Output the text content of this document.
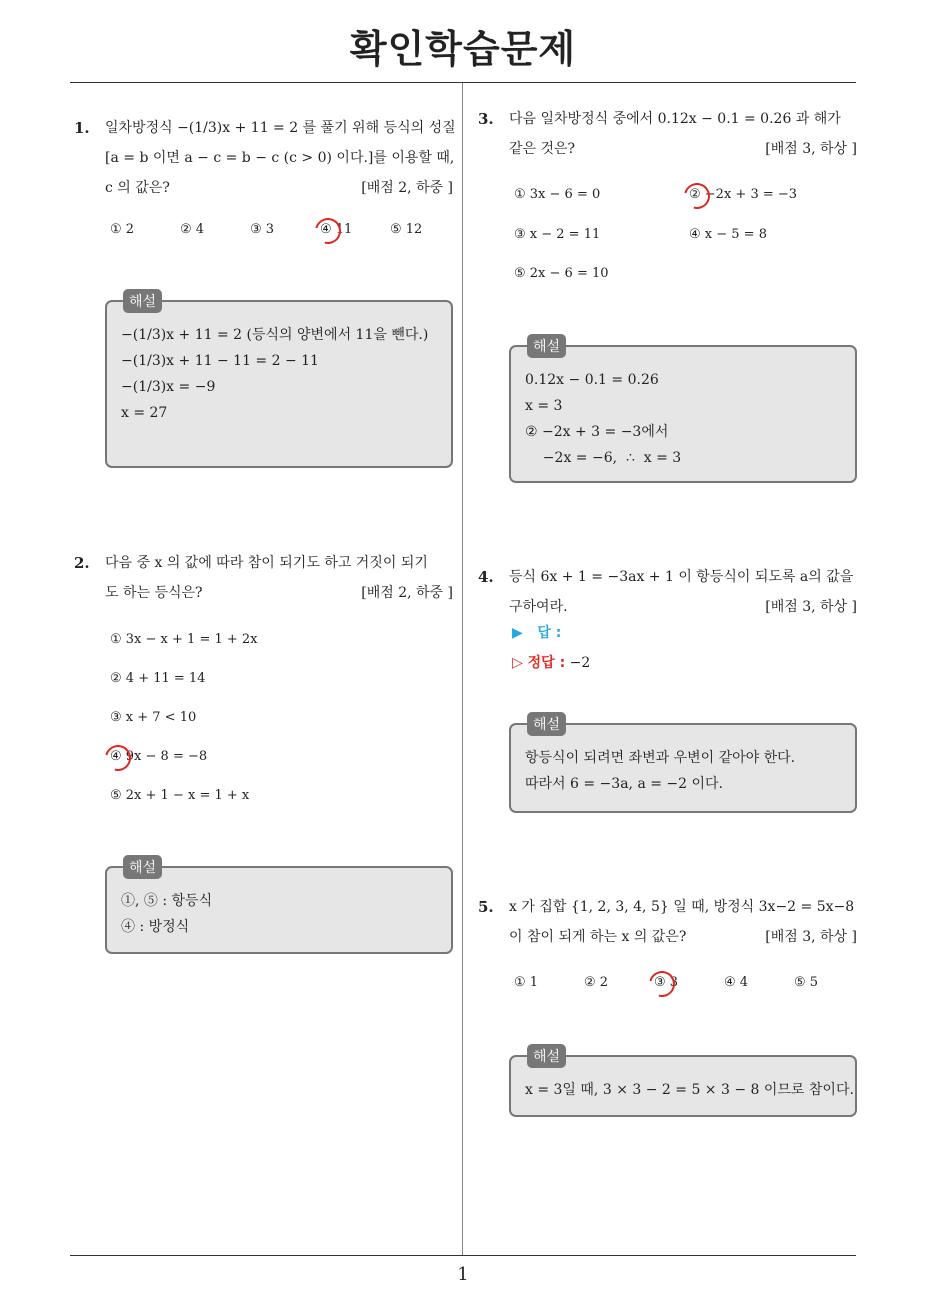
확인학습문제
1. 일차방정식 −(1/3)x + 11 = 2 를 풀기 위해 등식의 성질
[a = b 이면 a − c = b − c (c > 0) 이다.]를 이용할 때,
c 의 값은?	[배점 2, 하중 ]
① 2	② 4	③ 3	④ 11	⑤ 12
해설
−(1/3)x + 11 = 2 (등식의 양변에서 11을 뺀다.)
−(1/3)x + 11 − 11 = 2 − 11
−(1/3)x = −9
x = 27
2. 다음 중 x 의 값에 따라 참이 되기도 하고 거짓이 되기
도 하는 등식은?	[배점 2, 하중 ]
① 3x − x + 1 = 1 + 2x
② 4 + 11 = 14
③ x + 7 < 10
④ 9x − 8 = −8
⑤ 2x + 1 − x = 1 + x
해설
①, ⑤ : 항등식
④ : 방정식
3. 다음 일차방정식 중에서 0.12x − 0.1 = 0.26 과 해가
같은 것은?	[배점 3, 하상 ]
① 3x − 6 = 0	② −2x + 3 = −3
③ x − 2 = 11	④ x − 5 = 8
⑤ 2x − 6 = 10
해설
0.12x − 0.1 = 0.26
x = 3
② −2x + 3 = −3에서
−2x = −6,  ∴  x = 3
4. 등식 6x + 1 = −3ax + 1 이 항등식이 되도록 a의 값을
구하여라.	[배점 3, 하상 ]
▶   답 :
▷ 정답 : −2
해설
항등식이 되려면 좌변과 우변이 같아야 한다.
따라서 6 = −3a, a = −2 이다.
5. x 가 집합 {1, 2, 3, 4, 5} 일 때, 방정식 3x−2 = 5x−8
이 참이 되게 하는 x 의 값은?	[배점 3, 하상 ]
① 1	② 2	③ 3	④ 4	⑤ 5
해설
x = 3일 때, 3 × 3 − 2 = 5 × 3 − 8 이므로 참이다.
1
